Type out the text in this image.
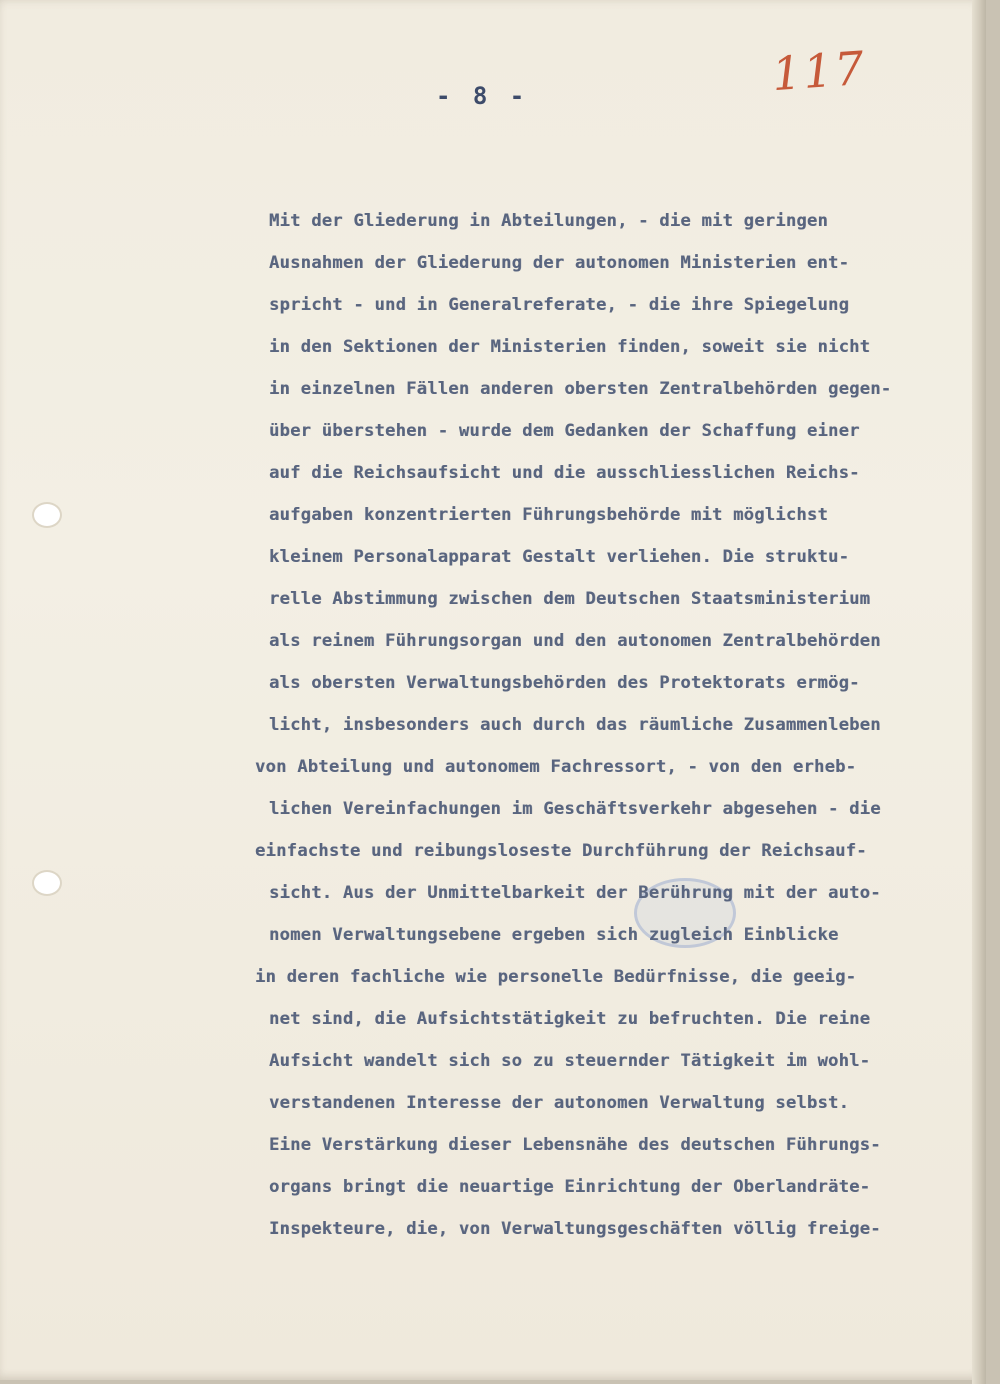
117
- 8 -
Mit der Gliederung in Abteilungen, - die mit geringen
Ausnahmen der Gliederung der autonomen Ministerien ent-
spricht - und in Generalreferate, - die ihre Spiegelung
in den Sektionen der Ministerien finden, soweit sie nicht
in einzelnen Fällen anderen obersten Zentralbehörden gegen-
über überstehen - wurde dem Gedanken der Schaffung einer
auf die Reichsaufsicht und die ausschliesslichen Reichs-
aufgaben konzentrierten Führungsbehörde mit möglichst
kleinem Personalapparat Gestalt verliehen. Die struktu-
relle Abstimmung zwischen dem Deutschen Staatsministerium
als reinem Führungsorgan und den autonomen Zentralbehörden
als obersten Verwaltungsbehörden des Protektorats ermög-
licht, insbesonders auch durch das räumliche Zusammenleben
von Abteilung und autonomem Fachressort, - von den erheb-
lichen Vereinfachungen im Geschäftsverkehr abgesehen - die
einfachste und reibungsloseste Durchführung der Reichsauf-
sicht. Aus der Unmittelbarkeit der Berührung mit der auto-
nomen Verwaltungsebene ergeben sich zugleich Einblicke
in deren fachliche wie personelle Bedürfnisse, die geeig-
net sind, die Aufsichtstätigkeit zu befruchten. Die reine
Aufsicht wandelt sich so zu steuernder Tätigkeit im wohl-
verstandenen Interesse der autonomen Verwaltung selbst.
Eine Verstärkung dieser Lebensnähe des deutschen Führungs-
organs bringt die neuartige Einrichtung der Oberlandräte-
Inspekteure, die, von Verwaltungsgeschäften völlig freige-
